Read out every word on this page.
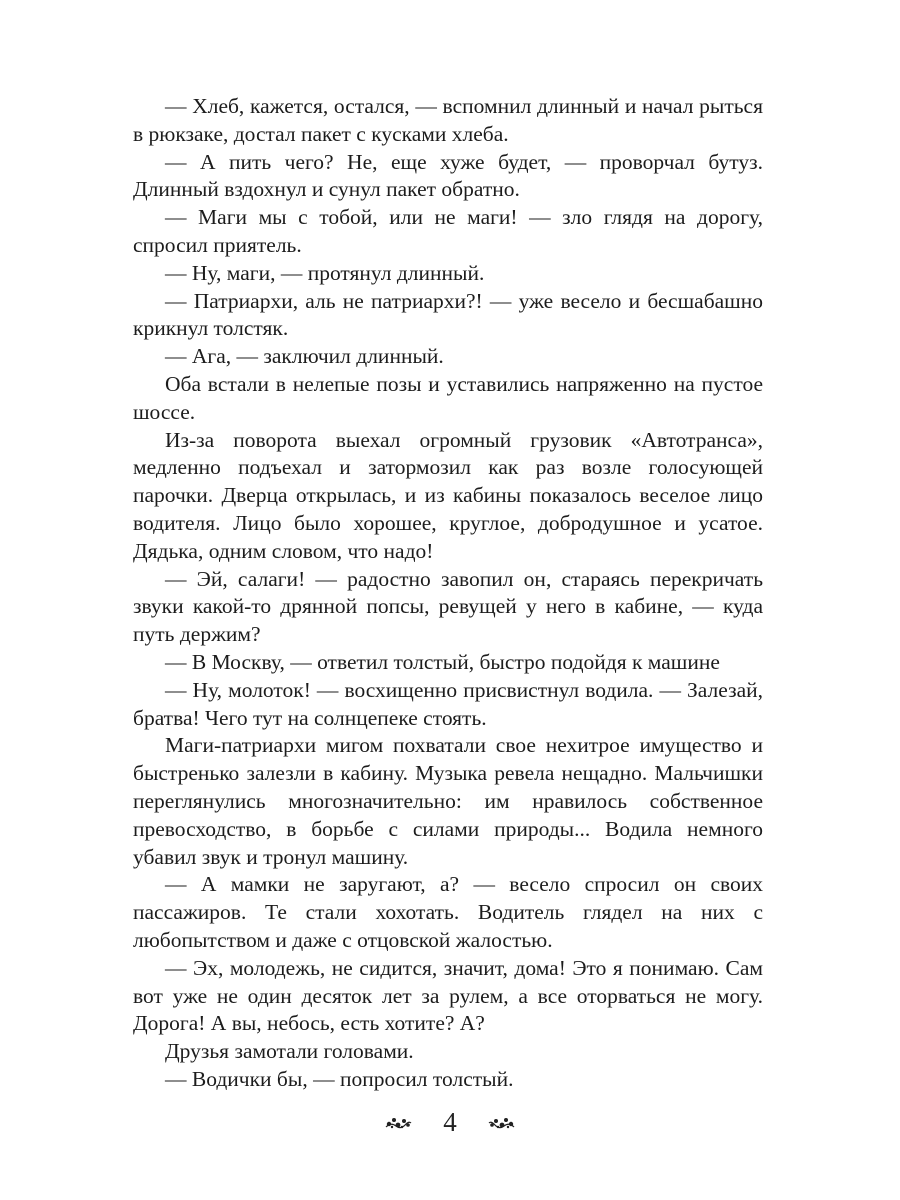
— Хлеб, кажется, остался, — вспомнил длинный и начал рыться в рюкзаке, достал пакет с кусками хлеба.

— А пить чего? Не, еще хуже будет, — проворчал бутуз. Длинный вздохнул и сунул пакет обратно.

— Маги мы с тобой, или не маги! — зло глядя на дорогу, спросил приятель.

— Ну, маги, — протянул длинный.

— Патриархи, аль не патриархи?! — уже весело и бесшабашно крикнул толстяк.

— Ага, — заключил длинный.

Оба встали в нелепые позы и уставились напряженно на пустое шоссе.

Из-за поворота выехал огромный грузовик «Автотранса», медленно подъехал и затормозил как раз возле голосующей парочки. Дверца открылась, и из кабины показалось веселое лицо водителя. Лицо было хорошее, круглое, добродушное и усатое. Дядька, одним словом, что надо!

— Эй, салаги! — радостно завопил он, стараясь перекричать звуки какой-то дрянной попсы, ревущей у него в кабине, — куда путь держим?

— В Москву, — ответил толстый, быстро подойдя к машине

— Ну, молоток! — восхищенно присвистнул водила. — Залезай, братва! Чего тут на солнцепеке стоять.

Маги-патриархи мигом похватали свое нехитрое имущество и быстренько залезли в кабину. Музыка ревела нещадно. Мальчишки переглянулись многозначительно: им нравилось собственное превосходство, в борьбе с силами природы... Водила немного убавил звук и тронул машину.

— А мамки не заругают, а? — весело спросил он своих пассажиров. Те стали хохотать. Водитель глядел на них с любопытством и даже с отцовской жалостью.

— Эх, молодежь, не сидится, значит, дома! Это я понимаю. Сам вот уже не один десяток лет за рулем, а все оторваться не могу. Дорога! А вы, небось, есть хотите? А?

Друзья замотали головами.

— Водички бы, — попросил толстый.

4
